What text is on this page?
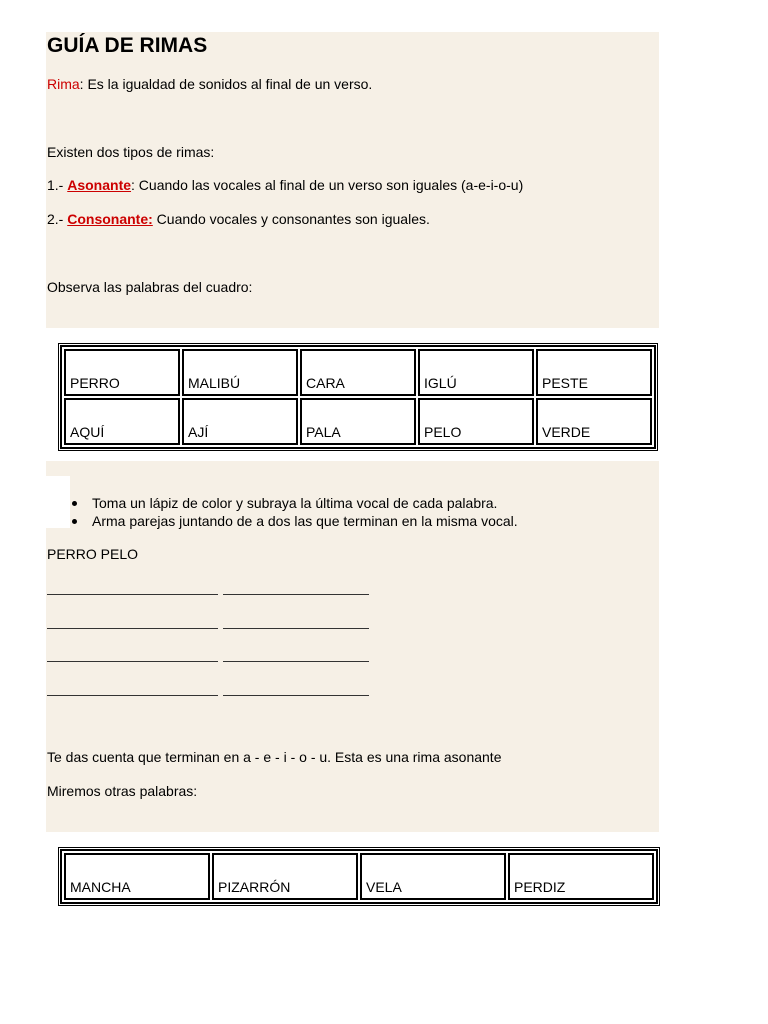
GUÍA DE RIMAS
Rima: Es la igualdad de sonidos al final de un verso.
Existen dos tipos de rimas:
1.- Asonante: Cuando las vocales al final de un verso son iguales (a-e-i-o-u)
2.- Consonante: Cuando vocales y consonantes son iguales.
Observa las palabras del cuadro:
PERRO	MALIBÚ	CARA	IGLÚ	PESTE
AQUÍ	AJÍ	PALA	PELO	VERDE
Toma un lápiz de color y subraya la última vocal de cada palabra.
Arma parejas juntando de a dos las que terminan en la misma vocal.
PERRO PELO
Te das cuenta que terminan en a - e - i - o - u. Esta es una rima asonante
Miremos otras palabras:
MANCHA	PIZARRÓN	VELA	PERDIZ
